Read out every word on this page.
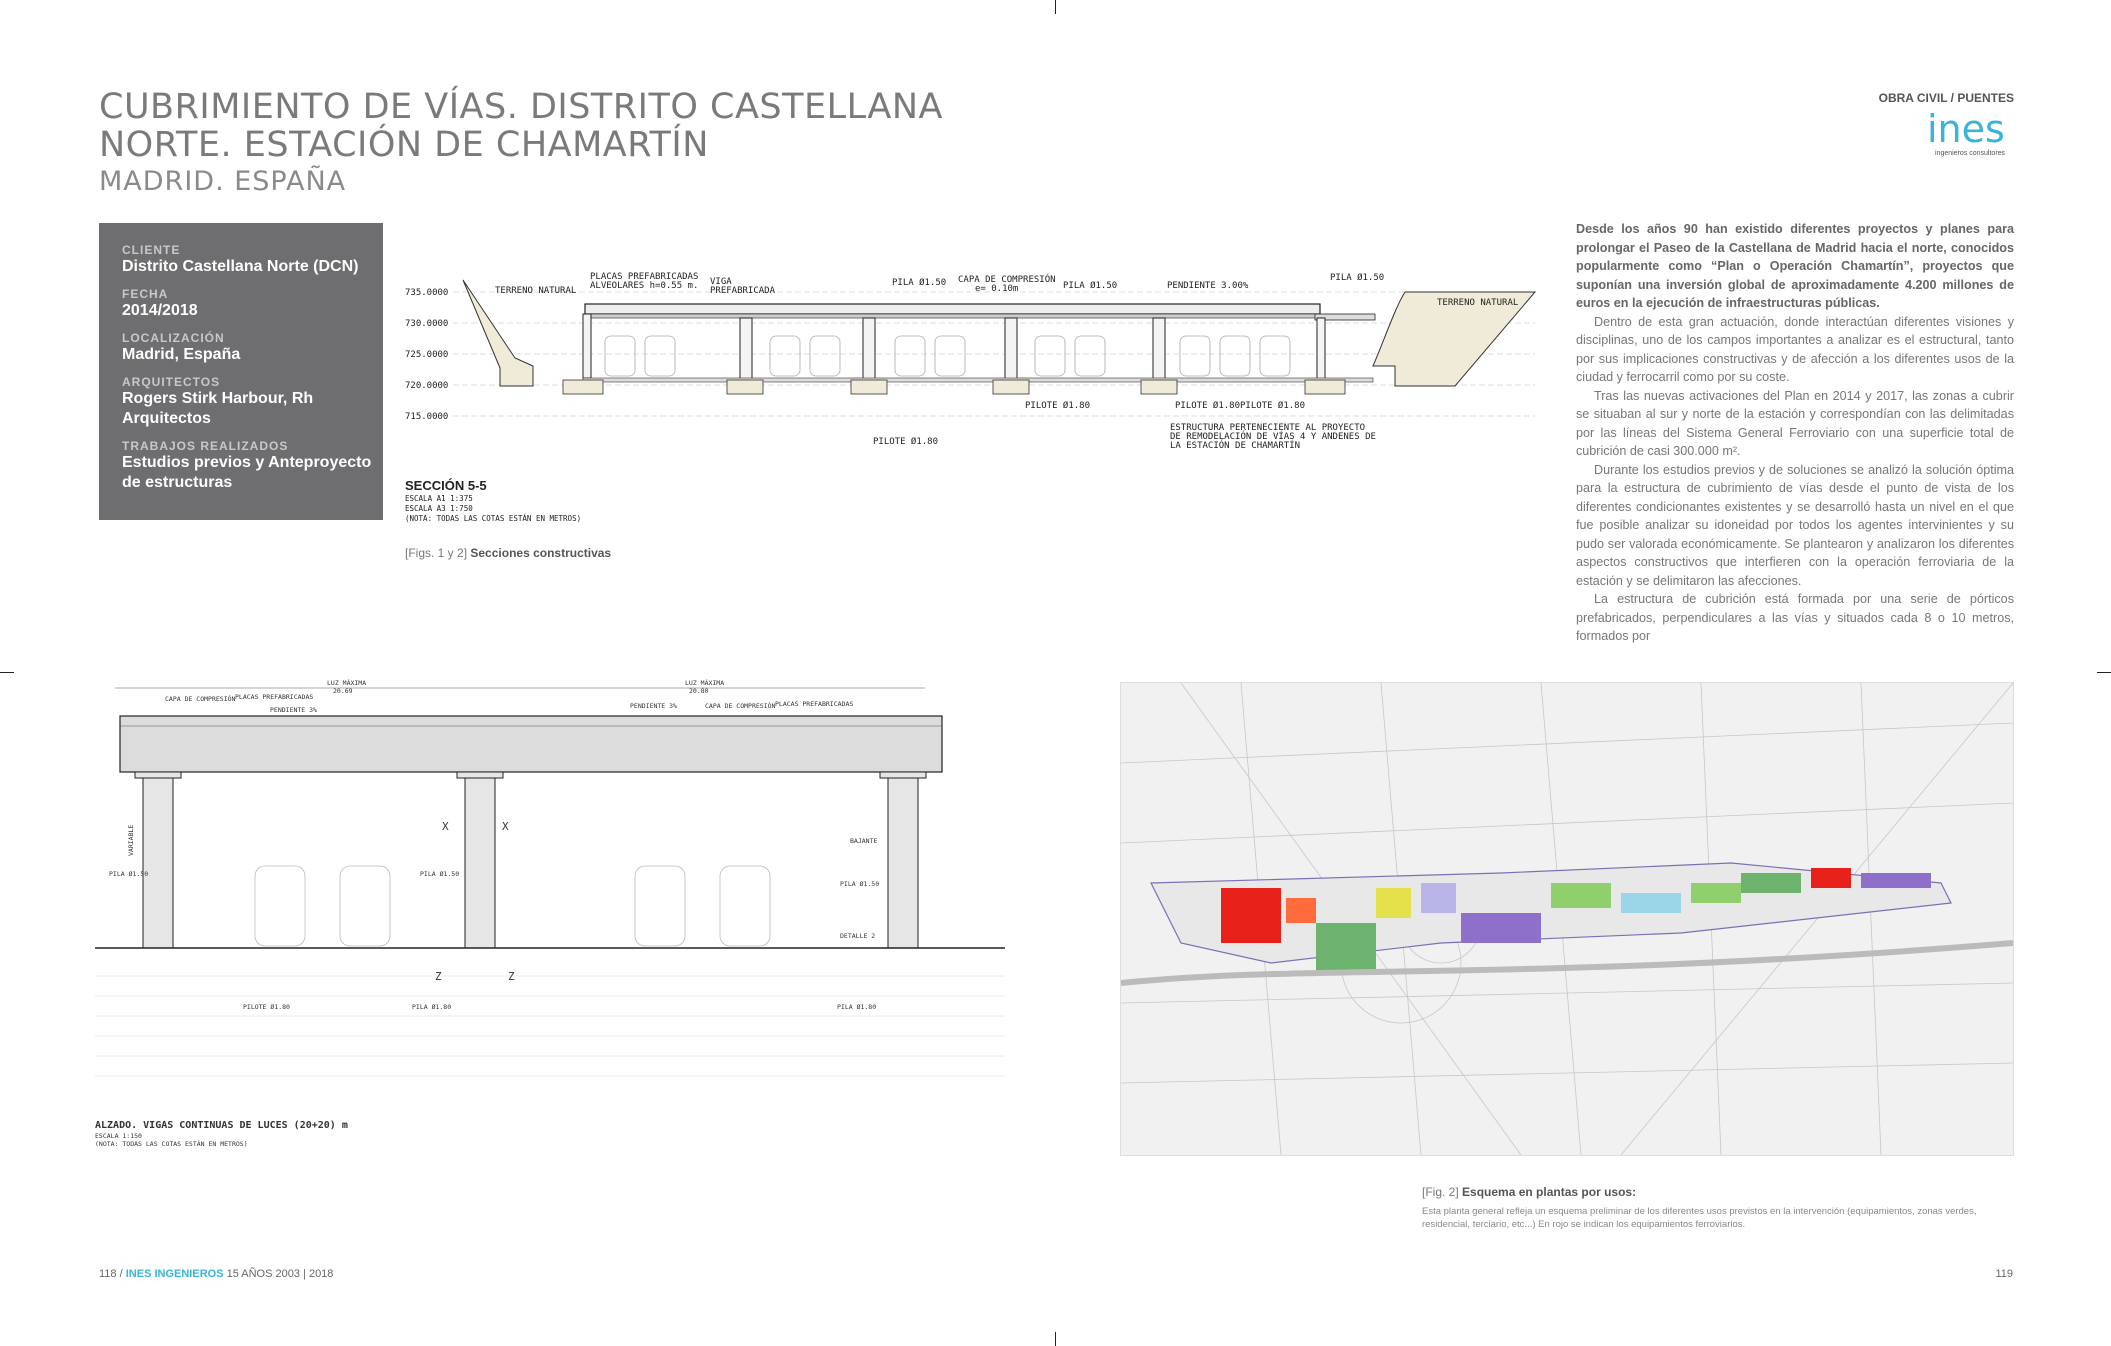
CUBRIMIENTO DE VÍAS. DISTRITO CASTELLANA NORTE. ESTACIÓN DE CHAMARTÍN
MADRID. ESPAÑA
OBRA CIVIL / PUENTES
ines
ingenieros consultores
CLIENTE
Distrito Castellana Norte (DCN)
FECHA
2014/2018
LOCALIZACIÓN
Madrid, España
ARQUITECTOS
Rogers Stirk Harbour, Rh Arquitectos
TRABAJOS REALIZADOS
Estudios previos y Anteproyecto de estructuras
735.0000
730.0000
725.0000
720.0000
715.0000
TERRENO NATURAL
PLACAS PREFABRICADAS
ALVEOLARES h=0.55 m. VIGA
PREFABRICADA
PILA Ø1.50 CAPA DE COMPRESIÓN
e= 0.10m	PILA Ø1.50	PENDIENTE 3.00%
PILA Ø1.50
TERRENO NATURAL
PILOTE Ø1.80	PILOTE Ø1.80 PILOTE Ø1.80
PILOTE Ø1.80
ESTRUCTURA PERTENECIENTE AL PROYECTO
DE REMODELACIÓN DE VÍAS 4 Y ANDENES DE
LA ESTACIÓN DE CHAMARTÍN
SECCIÓN 5-5
ESCALA A1 1:375
ESCALA A3 1:750
(NOTA: TODAS LAS COTAS ESTÁN EN METROS)
[Figs. 1 y 2] Secciones constructivas

Desde los años 90 han existido diferentes proyectos y planes para prolongar el Paseo de la Castellana de Madrid hacia el norte, conocidos popularmente como “Plan o Operación Chamartín”, proyectos que suponían una inversión global de aproximadamente 4.200 millones de euros en la ejecución de infraestructuras públicas.

Dentro de esta gran actuación, donde interactúan diferentes visiones y disciplinas, uno de los campos importantes a analizar es el estructural, tanto por sus implicaciones constructivas y de afección a los diferentes usos de la ciudad y ferrocarril como por su coste.

Tras las nuevas activaciones del Plan en 2014 y 2017, las zonas a cubrir se situaban al sur y norte de la estación y correspondían con las delimitadas por las líneas del Sistema General Ferroviario con una superficie total de cubrición de casi 300.000 m².

Durante los estudios previos y de soluciones se analizó la solución óptima para la estructura de cubrimiento de vías desde el punto de vista de los diferentes condicionantes existentes y se desarrolló hasta un nivel en el que fue posible analizar su idoneidad por todos los agentes intervinientes y su pudo ser valorada económicamente. Se plantearon y analizaron los diferentes aspectos constructivos que interfieren con la operación ferroviaria de la estación y se delimitaron las afecciones.

La estructura de cubrición está formada por una serie de pórticos prefabricados, perpendiculares a las vías y situados cada 8 o 10 metros, formados por

LUZ MÁXIMA
20.69
LUZ MÁXIMA
20.80
CAPA DE COMPRESIÓN PLACAS PREFABRICADAS
PENDIENTE 3%	PENDIENTE 3%	CAPA DE COMPRESIÓN PLACAS PREFABRICADAS
PILA Ø1.50	PILA Ø1.50
PILA Ø1.50
VARIABLE
PILOTE Ø1.80	PILA Ø1.80	PILA Ø1.80
BAJANTE
DETALLE 2
X	X
Z	Z
ALZADO. VIGAS CONTINUAS DE LUCES (20+20) m
ESCALA 1:150
(NOTA: TODAS LAS COTAS ESTÁN EN METROS)
[Fig. 2] Esquema en plantas por usos:
Esta planta general refleja un esquema preliminar de los diferentes usos previstos en la intervención (equipamientos, zonas verdes, residencial, terciario, etc...) En rojo se indican los equipamientos ferroviarios.
118 / INES INGENIEROS 15 AÑOS 2003 | 2018	119
